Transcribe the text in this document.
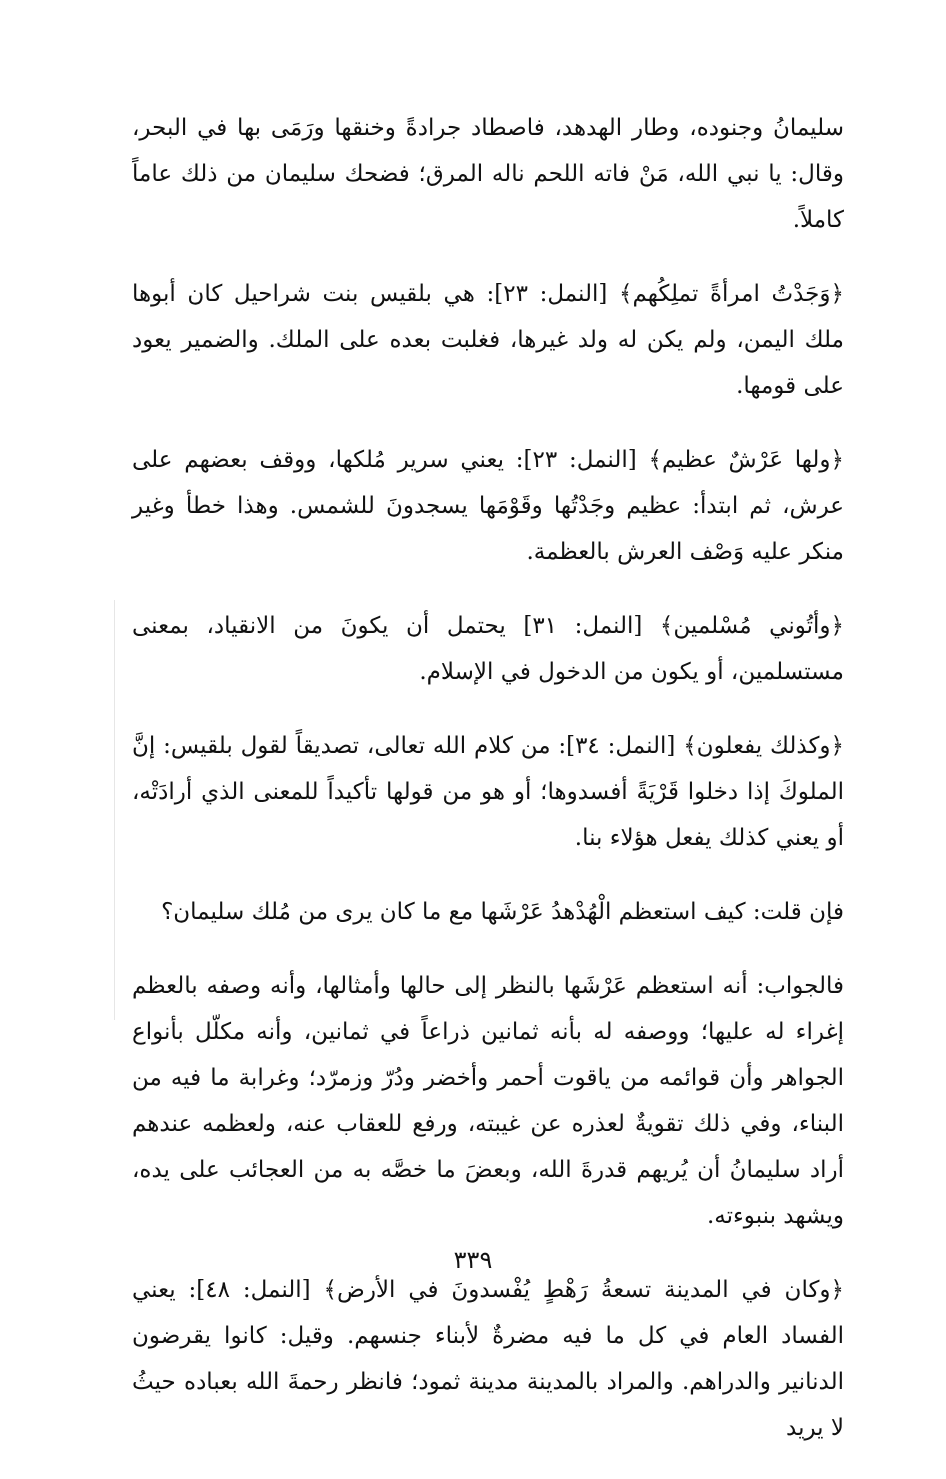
سليمانُ وجنوده، وطار الهدهد، فاصطاد جرادةً وخنقها ورَمَى بها في البحر، وقال: يا نبي الله، مَنْ فاته اللحم ناله المرق؛ فضحك سليمان من ذلك عاماً كاملاً.

﴿وَجَدْتُ امرأةً تملِكُهم﴾ [النمل: ٢٣]: هي بلقيس بنت شراحيل كان أبوها ملك اليمن، ولم يكن له ولد غيرها، فغلبت بعده على الملك. والضمير يعود على قومها.

﴿ولها عَرْشٌ عظيم﴾ [النمل: ٢٣]: يعني سرير مُلكها، ووقف بعضهم على عرش، ثم ابتدأ: عظيم وجَدْتُها وقَوْمَها يسجدونَ للشمس. وهذا خطأ وغير منكر عليه وَصْف العرش بالعظمة.

﴿وأتُوني مُسْلمين﴾ [النمل: ٣١] يحتمل أن يكونَ من الانقياد، بمعنى مستسلمين، أو يكون من الدخول في الإسلام.

﴿وكذلك يفعلون﴾ [النمل: ٣٤]: من كلام الله تعالى، تصديقاً لقول بلقيس: إنَّ الملوكَ إذا دخلوا قَرْيَةً أفسدوها؛ أو هو من قولها تأكيداً للمعنى الذي أرادَتْه، أو يعني كذلك يفعل هؤلاء بنا.

فإن قلت: كيف استعظم الْهُدْهدُ عَرْشَها مع ما كان يرى من مُلك سليمان؟

فالجواب: أنه استعظم عَرْشَها بالنظر إلى حالها وأمثالها، وأنه وصفه بالعظم إغراء له عليها؛ ووصفه له بأنه ثمانين ذراعاً في ثمانين، وأنه مكلّل بأنواع الجواهر وأن قوائمه من ياقوت أحمر وأخضر ودُرّ وزمرّد؛ وغرابة ما فيه من البناء، وفي ذلك تقويةٌ لعذره عن غيبته، ورفع للعقاب عنه، ولعظمه عندهم أراد سليمانُ أن يُريهم قدرةَ الله، وبعضَ ما خصَّه به من العجائب على يده، ويشهد بنبوءته.

﴿وكان في المدينة تسعةُ رَهْطٍ يُفْسدونَ في الأرض﴾ [النمل: ٤٨]: يعني الفساد العام في كل ما فيه مضرةٌ لأبناء جنسهم. وقيل: كانوا يقرضون الدنانير والدراهم. والمراد بالمدينة مدينة ثمود؛ فانظر رحمةَ الله بعباده حيثُ لا يريد

٣٣٩
